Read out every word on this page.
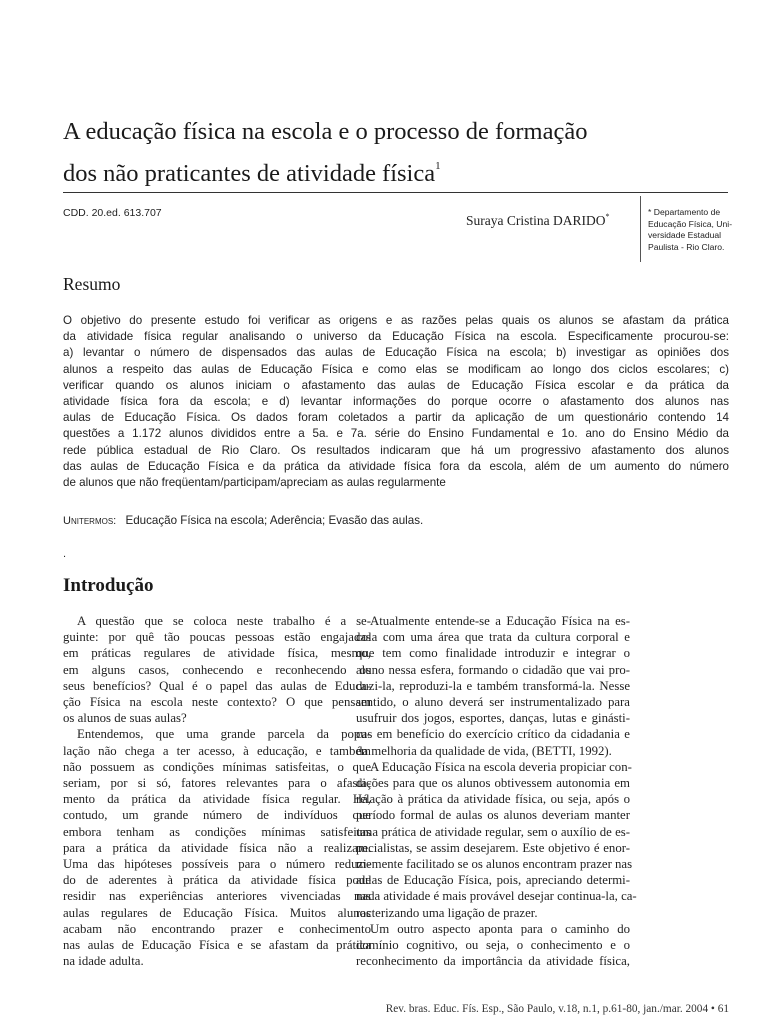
A educação física na escola e o processo de formação
dos não praticantes de atividade física$^1$
CDD. 20.ed. 613.707	Suraya Cristina DARIDO*	* Departamento de
Educação Física, Uni-
versidade Estadual
Paulista - Rio Claro.
Resumo
O objetivo do presente estudo foi verificar as origens e as razões pelas quais os alunos se afastam da prática
da atividade física regular analisando o universo da Educação Física na escola. Especificamente procurou-se:
a) levantar o número de dispensados das aulas de Educação Física na escola; b) investigar as opiniões dos
alunos a respeito das aulas de Educação Física e como elas se modificam ao longo dos ciclos escolares; c)
verificar quando os alunos iniciam o afastamento das aulas de Educação Física escolar e da prática da
atividade física fora da escola; e d) levantar informações do porque ocorre o afastamento dos alunos nas
aulas de Educação Física. Os dados foram coletados a partir da aplicação de um questionário contendo 14
questões a 1.172 alunos divididos entre a 5a. e 7a. série do Ensino Fundamental e 1o. ano do Ensino Médio da
rede pública estadual de Rio Claro. Os resultados indicaram que há um progressivo afastamento dos alunos
das aulas de Educação Física e da prática da atividade física fora da escola, além de um aumento do número
de alunos que não freqüentam/participam/apreciam as aulas regularmente
Unitermos: Educação Física na escola; Aderência; Evasão das aulas.
.
Introdução
A questão que se coloca neste trabalho é a se-
guinte: por quê tão poucas pessoas estão engajadas
em práticas regulares de atividade física, mesmo,
em alguns casos, conhecendo e reconhecendo os
seus benefícios? Qual é o papel das aulas de Educa-
ção Física na escola neste contexto? O que pensam
os alunos de suas aulas?
Entendemos, que uma grande parcela da popu-
lação não chega a ter acesso, à educação, e também
não possuem as condições mínimas satisfeitas, o que
seriam, por si só, fatores relevantes para o afasta-
mento da prática da atividade física regular. Há,
contudo, um grande número de indivíduos que
embora tenham as condições mínimas satisfeitas
para a prática da atividade física não a realizam.
Uma das hipóteses possíveis para o número reduzi-
do de aderentes à prática da atividade física pode
residir nas experiências anteriores vivenciadas nas
aulas regulares de Educação Física. Muitos alunos
acabam não encontrando prazer e conhecimento
nas aulas de Educação Física e se afastam da prática
na idade adulta.
Atualmente entende-se a Educação Física na es-
cola com uma área que trata da cultura corporal e
que tem como finalidade introduzir e integrar o
aluno nessa esfera, formando o cidadão que vai pro-
duzi-la, reproduzi-la e também transformá-la. Nesse
sentido, o aluno deverá ser instrumentalizado para
usufruir dos jogos, esportes, danças, lutas e ginásti-
cas em benefício do exercício crítico da cidadania e
da melhoria da qualidade de vida, (BETTI, 1992).
A Educação Física na escola deveria propiciar con-
dições para que os alunos obtivessem autonomia em
relação à prática da atividade física, ou seja, após o
período formal de aulas os alunos deveriam manter
uma prática de atividade regular, sem o auxílio de es-
pecialistas, se assim desejarem. Este objetivo é enor-
memente facilitado se os alunos encontram prazer nas
aulas de Educação Física, pois, apreciando determi-
nada atividade é mais provável desejar continua-la, ca-
racterizando uma ligação de prazer.
Um outro aspecto aponta para o caminho do
domínio cognitivo, ou seja, o conhecimento e o
reconhecimento da importância da atividade física,
Rev. bras. Educ. Fís. Esp., São Paulo, v.18, n.1, p.61-80, jan./mar. 2004 • 61
